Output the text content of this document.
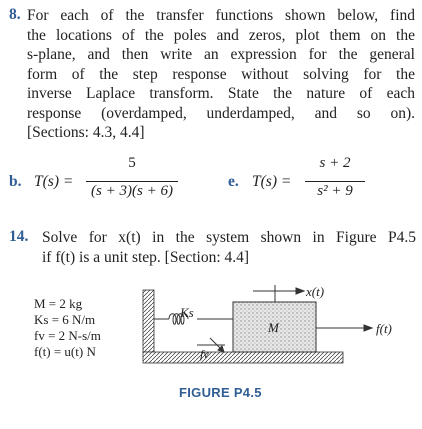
8. For each of the transfer functions shown below, find
the locations of the poles and zeros, plot them on the
s-plane, and then write an expression for the general
form of the step response without solving for the
inverse Laplace transform. State the nature of each
response (overdamped, underdamped, and so on).
[Sections: 4.3, 4.4]
b. T(s) =
5
(s + 3)(s + 6)
e. T(s) =
s + 2
s² + 9
14. Solve for x(t) in the system shown in Figure P4.5
if f(t) is a unit step. [Section: 4.4]
M = 2 kg
Ks = 6 N/m
fv = 2 N-s/m
f(t) = u(t) N
Ks
fv
M
x(t)
f(t)
FIGURE P4.5
